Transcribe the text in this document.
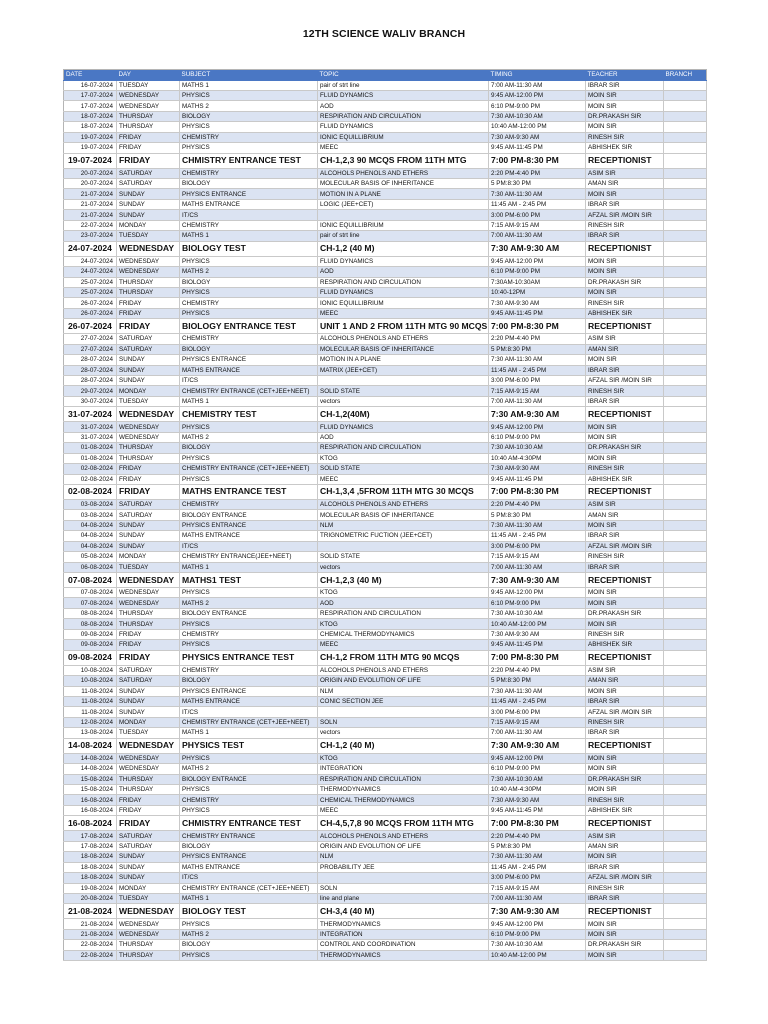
12TH SCIENCE WALIV BRANCH
DATE	DAY	SUBJECT	TOPIC	TIMING	TEACHER	BRANCH
16-07-2024	TUESDAY	MATHS 1	pair of strt line	7:00 AM-11:30 AM	IBRAR SIR	
17-07-2024	WEDNESDAY	PHYSICS	FLUID DYNAMICS	9:45 AM-12:00 PM	MOIN SIR	
17-07-2024	WEDNESDAY	MATHS 2	AOD	6:10 PM-9:00 PM	MOIN SIR	
18-07-2024	THURSDAY	BIOLOGY	RESPIRATION AND CIRCULATION	7:30 AM-10:30 AM	DR.PRAKASH SIR	
18-07-2024	THURSDAY	PHYSICS	FLUID DYNAMICS	10:40 AM-12:00 PM	MOIN SIR	
19-07-2024	FRIDAY	CHEMISTRY	IONIC EQUILLIBRIUM	7:30 AM-9:30 AM	RINESH SIR	
19-07-2024	FRIDAY	PHYSICS	MEEC	9:45 AM-11:45 PM	ABHISHEK SIR	
19-07-2024	FRIDAY	CHMISTRY ENTRANCE TEST	CH-1,2,3 90 MCQS FROM 11TH MTG	7:00 PM-8:30 PM	RECEPTIONIST	
20-07-2024	SATURDAY	CHEMISTRY	ALCOHOLS PHENOLS AND ETHERS	2:20 PM-4:40 PM	ASIM SIR	
20-07-2024	SATURDAY	BIOLOGY	MOLECULAR BASIS OF INHERITANCE	5 PM:8:30 PM	AMAN SIR	
21-07-2024	SUNDAY	PHYSICS ENTRANCE	MOTION IN A PLANE	7:30 AM-11:30 AM	MOIN SIR	
21-07-2024	SUNDAY	MATHS ENTRANCE	LOGIC (JEE+CET)	11:45 AM - 2:45 PM	IBRAR SIR	
21-07-2024	SUNDAY	IT/CS		3:00 PM-6:00 PM	AFZAL SIR /MOIN SIR	
22-07-2024	MONDAY	CHEMISTRY	IONIC EQUILLIBRIUM	7:15 AM-9:15 AM	RINESH SIR	
23-07-2024	TUESDAY	MATHS 1	pair of strt line	7:00 AM-11:30 AM	IBRAR SIR	
24-07-2024	WEDNESDAY	BIOLOGY TEST	CH-1,2 (40 M)	7:30 AM-9:30 AM	RECEPTIONIST	
24-07-2024	WEDNESDAY	PHYSICS	FLUID DYNAMICS	9:45 AM-12:00 PM	MOIN SIR	
24-07-2024	WEDNESDAY	MATHS 2	AOD	6:10 PM-9:00 PM	MOIN SIR	
25-07-2024	THURSDAY	BIOLOGY	RESPIRATION AND CIRCULATION	7:30AM-10:30AM	DR.PRAKASH SIR	
25-07-2024	THURSDAY	PHYSICS	FLUID DYNAMICS	10:40-12PM	MOIN SIR	
26-07-2024	FRIDAY	CHEMISTRY	IONIC EQUILLIBRIUM	7:30 AM-9:30 AM	RINESH SIR	
26-07-2024	FRIDAY	PHYSICS	MEEC	9:45 AM-11:45 PM	ABHISHEK SIR	
26-07-2024	FRIDAY	BIOLOGY ENTRANCE TEST	UNIT 1 AND 2 FROM 11TH MTG 90 MCQS	7:00 PM-8:30 PM	RECEPTIONIST	
27-07-2024	SATURDAY	CHEMISTRY	ALCOHOLS PHENOLS AND ETHERS	2:20 PM-4:40 PM	ASIM SIR	
27-07-2024	SATURDAY	BIOLOGY	MOLECULAR BASIS OF INHERITANCE	5 PM:8:30 PM	AMAN SIR	
28-07-2024	SUNDAY	PHYSICS ENTRANCE	MOTION IN A PLANE	7:30 AM-11:30 AM	MOIN SIR	
28-07-2024	SUNDAY	MATHS ENTRANCE	MATRIX (JEE+CET)	11:45 AM - 2:45 PM	IBRAR SIR	
28-07-2024	SUNDAY	IT/CS		3:00 PM-6:00 PM	AFZAL SIR /MOIN SIR	
29-07-2024	MONDAY	CHEMISTRY ENTRANCE (CET+JEE+NEET)	SOLID STATE	7:15 AM-9:15 AM	RINESH SIR	
30-07-2024	TUESDAY	MATHS 1	vectors	7:00 AM-11:30 AM	IBRAR SIR	
31-07-2024	WEDNESDAY	CHEMISTRY TEST	CH-1,2(40M)	7:30 AM-9:30 AM	RECEPTIONIST	
31-07-2024	WEDNESDAY	PHYSICS	FLUID DYNAMICS	9:45 AM-12:00 PM	MOIN SIR	
31-07-2024	WEDNESDAY	MATHS 2	AOD	6:10 PM-9:00 PM	MOIN SIR	
01-08-2024	THURSDAY	BIOLOGY	RESPIRATION AND CIRCULATION	7:30 AM-10:30 AM	DR.PRAKASH SIR	
01-08-2024	THURSDAY	PHYSICS	KTOG	10:40 AM-4:30PM	MOIN SIR	
02-08-2024	FRIDAY	CHEMISTRY ENTRANCE (CET+JEE+NEET)	SOLID STATE	7:30 AM-9:30 AM	RINESH SIR	
02-08-2024	FRIDAY	PHYSICS	MEEC	9:45 AM-11:45 PM	ABHISHEK SIR	
02-08-2024	FRIDAY	MATHS ENTRANCE TEST	CH-1,3,4 ,5FROM 11TH MTG 30 MCQS	7:00 PM-8:30 PM	RECEPTIONIST	
03-08-2024	SATURDAY	CHEMISTRY	ALCOHOLS PHENOLS AND ETHERS	2:20 PM-4:40 PM	ASIM SIR	
03-08-2024	SATURDAY	BIOLOGY ENTRANCE	MOLECULAR BASIS OF INHERITANCE	5 PM:8:30 PM	AMAN SIR	
04-08-2024	SUNDAY	PHYSICS ENTRANCE	NLM	7:30 AM-11:30 AM	MOIN SIR	
04-08-2024	SUNDAY	MATHS ENTRANCE	TRIGNOMETRIC FUCTION (JEE+CET)	11:45 AM - 2:45 PM	IBRAR SIR	
04-08-2024	SUNDAY	IT/CS		3:00 PM-6:00 PM	AFZAL SIR /MOIN SIR	
05-08-2024	MONDAY	CHEMISTRY ENTRANCE(JEE+NEET)	SOLID STATE	7:15 AM-9:15 AM	RINESH SIR	
06-08-2024	TUESDAY	MATHS 1	vectors	7:00 AM-11:30 AM	IBRAR SIR	
07-08-2024	WEDNESDAY	MATHS1 TEST	CH-1,2,3 (40 M)	7:30 AM-9:30 AM	RECEPTIONIST	
07-08-2024	WEDNESDAY	PHYSICS	KTOG	9:45 AM-12:00 PM	MOIN SIR	
07-08-2024	WEDNESDAY	MATHS 2	AOD	6:10 PM-9:00 PM	MOIN SIR	
08-08-2024	THURSDAY	BIOLOGY ENTRANCE	RESPIRATION AND CIRCULATION	7:30 AM-10:30 AM	DR.PRAKASH SIR	
08-08-2024	THURSDAY	PHYSICS	KTOG	10:40 AM-12:00 PM	MOIN SIR	
09-08-2024	FRIDAY	CHEMISTRY	CHEMICAL THERMODYNAMICS	7:30 AM-9:30 AM	RINESH SIR	
09-08-2024	FRIDAY	PHYSICS	MEEC	9:45 AM-11:45 PM	ABHISHEK SIR	
09-08-2024	FRIDAY	PHYSICS ENTRANCE TEST	CH-1,2 FROM 11TH MTG 90 MCQS	7:00 PM-8:30 PM	RECEPTIONIST	
10-08-2024	SATURDAY	CHEMISTRY	ALCOHOLS PHENOLS AND ETHERS	2:20 PM-4:40 PM	ASIM SIR	
10-08-2024	SATURDAY	BIOLOGY	ORIGIN AND EVOLUTION OF LIFE	5 PM:8:30 PM	AMAN SIR	
11-08-2024	SUNDAY	PHYSICS ENTRANCE	NLM	7:30 AM-11:30 AM	MOIN SIR	
11-08-2024	SUNDAY	MATHS ENTRANCE	CONIC SECTION JEE	11:45 AM - 2:45 PM	IBRAR SIR	
11-08-2024	SUNDAY	IT/CS		3:00 PM-6:00 PM	AFZAL SIR /MOIN SIR	
12-08-2024	MONDAY	CHEMISTRY ENTRANCE (CET+JEE+NEET)	SOLN	7:15 AM-9:15 AM	RINESH SIR	
13-08-2024	TUESDAY	MATHS 1	vectors	7:00 AM-11:30 AM	IBRAR SIR	
14-08-2024	WEDNESDAY	PHYSICS TEST	CH-1,2 (40 M)	7:30 AM-9:30 AM	RECEPTIONIST	
14-08-2024	WEDNESDAY	PHYSICS	KTOG	9:45 AM-12:00 PM	MOIN SIR	
14-08-2024	WEDNESDAY	MATHS 2	INTEGRATION	6:10 PM-9:00 PM	MOIN SIR	
15-08-2024	THURSDAY	BIOLOGY ENTRANCE	RESPIRATION AND CIRCULATION	7:30 AM-10:30 AM	DR.PRAKASH SIR	
15-08-2024	THURSDAY	PHYSICS	THERMODYNAMICS	10:40 AM-4:30PM	MOIN SIR	
16-08-2024	FRIDAY	CHEMISTRY	CHEMICAL THERMODYNAMICS	7:30 AM-9:30 AM	RINESH SIR	
16-08-2024	FRIDAY	PHYSICS	MEEC	9:45 AM-11:45 PM	ABHISHEK SIR	
16-08-2024	FRIDAY	CHMISTRY ENTRANCE TEST	CH-4,5,7,8 90 MCQS FROM 11TH MTG	7:00 PM-8:30 PM	RECEPTIONIST	
17-08-2024	SATURDAY	CHEMISTRY ENTRANCE	ALCOHOLS PHENOLS AND ETHERS	2:20 PM-4:40 PM	ASIM SIR	
17-08-2024	SATURDAY	BIOLOGY	ORIGIN AND EVOLUTION OF LIFE	5 PM:8:30 PM	AMAN SIR	
18-08-2024	SUNDAY	PHYSICS ENTRANCE	NLM	7:30 AM-11:30 AM	MOIN SIR	
18-08-2024	SUNDAY	MATHS ENTRANCE	PROBABILITY JEE	11:45 AM - 2:45 PM	IBRAR SIR	
18-08-2024	SUNDAY	IT/CS		3:00 PM-6:00 PM	AFZAL SIR /MOIN SIR	
19-08-2024	MONDAY	CHEMISTRY ENTRANCE (CET+JEE+NEET)	SOLN	7:15 AM-9:15 AM	RINESH SIR	
20-08-2024	TUESDAY	MATHS 1	line and plane	7:00 AM-11:30 AM	IBRAR SIR	
21-08-2024	WEDNESDAY	BIOLOGY TEST	CH-3,4 (40 M)	7:30 AM-9:30 AM	RECEPTIONIST	
21-08-2024	WEDNESDAY	PHYSICS	THERMODYNAMICS	9:45 AM-12:00 PM	MOIN SIR	
21-08-2024	WEDNESDAY	MATHS 2	INTEGRATION	6:10 PM-9:00 PM	MOIN SIR	
22-08-2024	THURSDAY	BIOLOGY	CONTROL AND COORDINATION	7:30 AM-10:30 AM	DR.PRAKASH SIR	
22-08-2024	THURSDAY	PHYSICS	THERMODYNAMICS	10:40 AM-12:00 PM	MOIN SIR	
